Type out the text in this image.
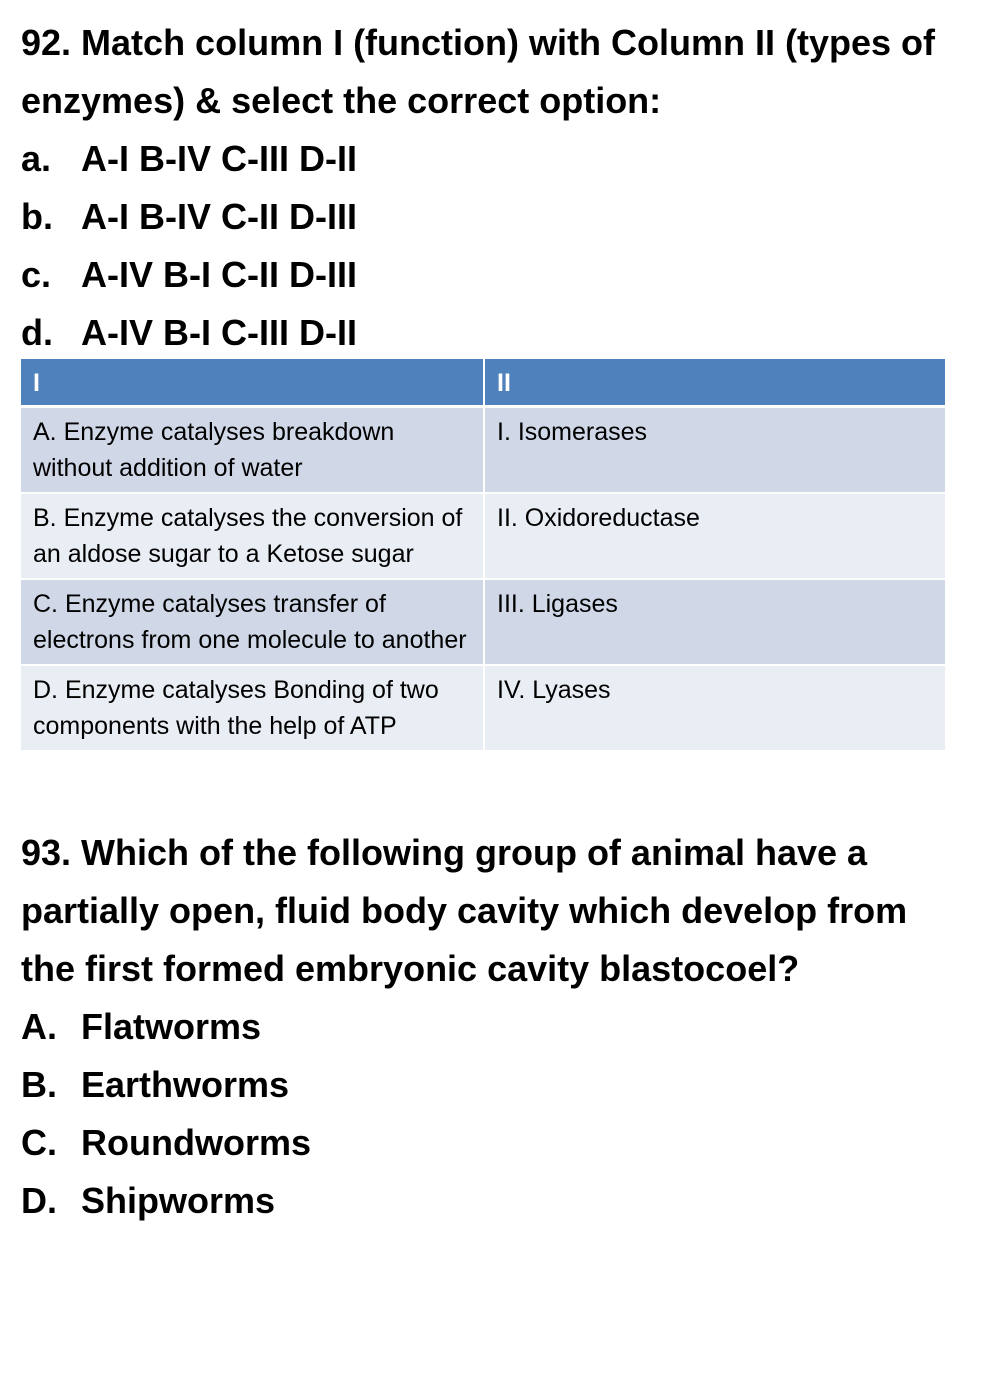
92. Match column I (function) with Column II (types of enzymes) & select the correct option:

a. A-I B-IV C-III D-II
b. A-I B-IV C-II D-III
c. A-IV B-I C-II D-III
d. A-IV B-I C-III D-II
I	II
A. Enzyme catalyses breakdown without addition of water	I. Isomerases
B. Enzyme catalyses the conversion of an aldose sugar to a Ketose sugar	II. Oxidoreductase
C. Enzyme catalyses transfer of electrons from one molecule to another	III. Ligases
D. Enzyme catalyses Bonding of two components with the help of ATP	IV. Lyases

93. Which of the following group of animal have a partially open, fluid body cavity which develop from the first formed embryonic cavity blastocoel?

A. Flatworms
B. Earthworms
C. Roundworms
D. Shipworms
